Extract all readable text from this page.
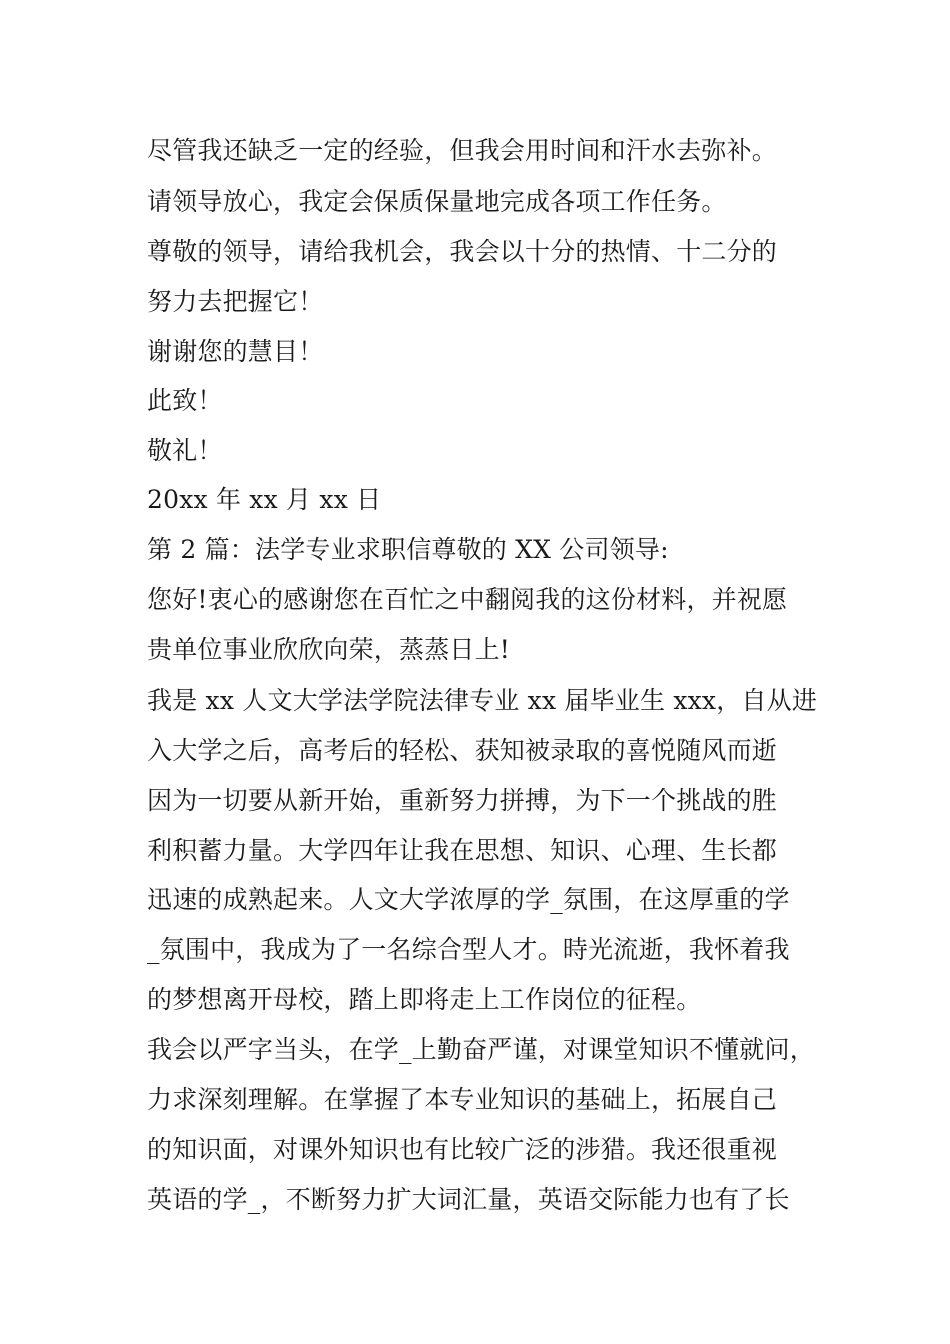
尽管我还缺乏一定的经验，但我会用时间和汗水去弥补。
请领导放心，我定会保质保量地完成各项工作任务。
尊敬的领导，请给我机会，我会以十分的热情、十二分的
努力去把握它！
谢谢您的慧目！
此致！
敬礼！
20xx 年 xx 月 xx 日
第 2 篇：法学专业求职信尊敬的 XX 公司领导:
您好!衷心的感谢您在百忙之中翻阅我的这份材料，并祝愿
贵单位事业欣欣向荣，蒸蒸日上!
我是 xx 人文大学法学院法律专业 xx 届毕业生 xxx，自从进
入大学之后，高考后的轻松、获知被录取的喜悦随风而逝
因为一切要从新开始，重新努力拼搏，为下一个挑战的胜
利积蓄力量。大学四年让我在思想、知识、心理、生长都
迅速的成熟起来。人文大学浓厚的学_氛围，在这厚重的学
_氛围中，我成为了一名综合型人才。時光流逝，我怀着我
的梦想离开母校，踏上即将走上工作岗位的征程。
我会以严字当头，在学_上勤奋严谨，对课堂知识不懂就问，
力求深刻理解。在掌握了本专业知识的基础上，拓展自己
的知识面，对课外知识也有比较广泛的涉猎。我还很重视
英语的学_，不断努力扩大词汇量，英语交际能力也有了长
